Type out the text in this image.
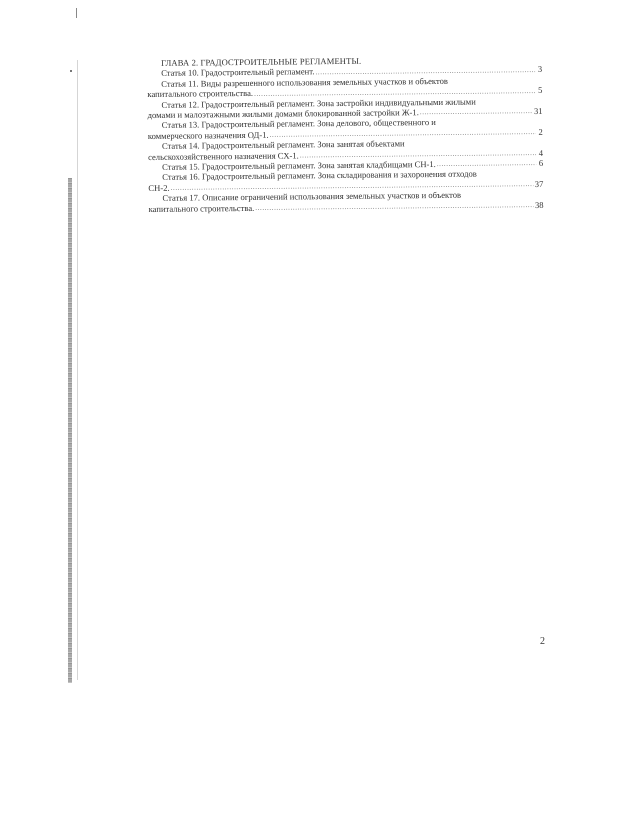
ГЛАВА 2. ГРАДОСТРОИТЕЛЬНЫЕ РЕГЛАМЕНТЫ.
Статья 10. Градостроительный регламент. .....	3
Статья 11. Виды разрешенного использования земельных участков и объектов
капитального строительства. .....	5
Статья 12. Градостроительный регламент. Зона застройки индивидуальными жилыми
домами и малоэтажными жилыми домами блокированной застройки Ж-1. .....	31
Статья 13. Градостроительный регламент. Зона делового, общественного и
коммерческого назначения ОД-1. .....	2
Статья 14. Градостроительный регламент. Зона занятая объектами
сельскохозяйственного назначения СХ-1. .....	4
Статья 15. Градостроительный регламент. Зона занятая кладбищами СН-1. .....	6
Статья 16. Градостроительный регламент. Зона складирования и захоронения отходов
СН-2. .....	37
Статья 17. Описание ограничений использования земельных участков и объектов
капитального строительства. .....	38
2
